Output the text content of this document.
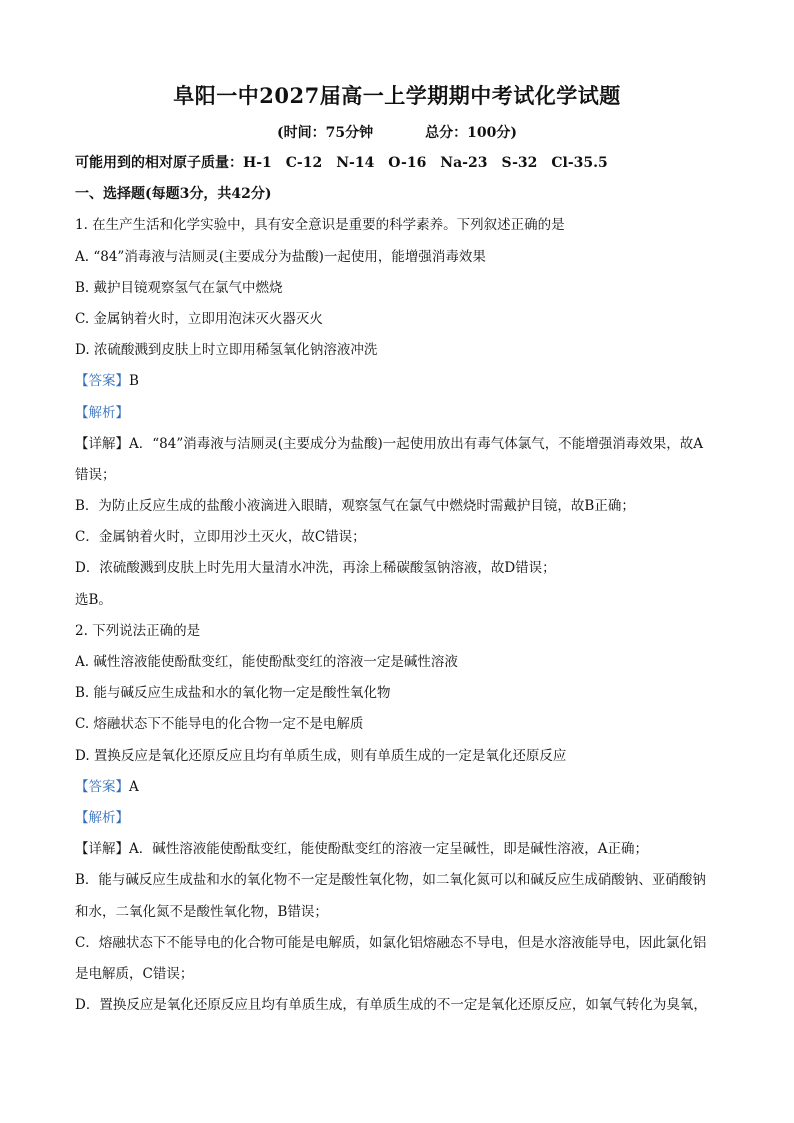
阜阳一中2027届高一上学期期中考试化学试题
(时间：75分钟	总分：100分)
可能用到的相对原子质量：H-1　C-12　N-14　O-16　Na-23　S-32　Cl-35.5
一、选择题(每题3分，共42分)
1. 在生产生活和化学实验中，具有安全意识是重要的科学素养。下列叙述正确的是
A. “84”消毒液与洁厕灵(主要成分为盐酸)一起使用，能增强消毒效果
B. 戴护目镜观察氢气在氯气中燃烧
C. 金属钠着火时，立即用泡沫灭火器灭火
D. 浓硫酸溅到皮肤上时立即用稀氢氧化钠溶液冲洗
【答案】B
【解析】
【详解】A．“84”消毒液与洁厕灵(主要成分为盐酸)一起使用放出有毒气体氯气，不能增强消毒效果，故A
错误；
B．为防止反应生成的盐酸小液滴进入眼睛，观察氢气在氯气中燃烧时需戴护目镜，故B正确；
C．金属钠着火时，立即用沙土灭火，故C错误；
D．浓硫酸溅到皮肤上时先用大量清水冲洗，再涂上稀碳酸氢钠溶液，故D错误；
选B。
2. 下列说法正确的是
A. 碱性溶液能使酚酞变红，能使酚酞变红的溶液一定是碱性溶液
B. 能与碱反应生成盐和水的氧化物一定是酸性氧化物
C. 熔融状态下不能导电的化合物一定不是电解质
D. 置换反应是氧化还原反应且均有单质生成，则有单质生成的一定是氧化还原反应
【答案】A
【解析】
【详解】A．碱性溶液能使酚酞变红，能使酚酞变红的溶液一定呈碱性，即是碱性溶液，A正确；
B．能与碱反应生成盐和水的氧化物不一定是酸性氧化物，如二氧化氮可以和碱反应生成硝酸钠、亚硝酸钠
和水，二氧化氮不是酸性氧化物，B错误；
C．熔融状态下不能导电的化合物可能是电解质，如氯化铝熔融态不导电，但是水溶液能导电，因此氯化铝
是电解质，C错误；
D．置换反应是氧化还原反应且均有单质生成，有单质生成的不一定是氧化还原反应，如氧气转化为臭氧，
